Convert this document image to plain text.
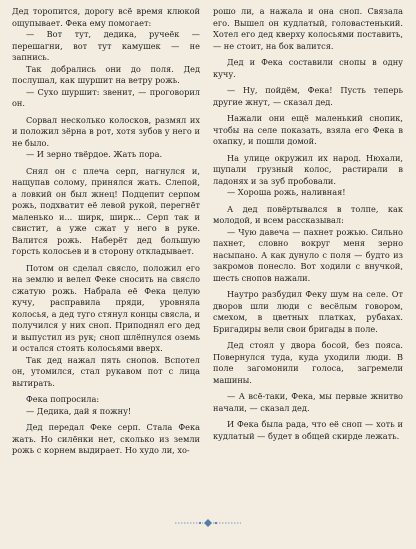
Дед торопится, дорогу всё время клюкой ощупывает. Фека ему помогает:

— Вот тут, дедика, ручеёк — перешагни, вот тут камушек — не запнись.

Так добрались они до поля. Дед послушал, как шуршит на ветру рожь.

— Сухо шуршит: звенит, — проговорил он.

Сорвал несколько колосков, размял их и положил зёрна в рот, хотя зубов у него и не было.

— И зерно твёрдое. Жать пора.

Снял он с плеча серп, нагнулся и, нащупав солому, принялся жать. Слепой, а ловкий он был жнец! Подцепит серпом рожь, подхватит её левой рукой, перегнёт маленько и... ширк, ширк... Серп так и свистит, а уже сжат у него в руке. Валится рожь. Наберёт дед большую горсть колосьев и в сторону откладывает.

Потом он сделал свясло, положил его на землю и велел Феке сносить на свясло сжатую рожь. Набрала её Фека целую кучу, расправила пряди, уровняла колосья, а дед туго стянул концы свясла, и получился у них сноп. Приподнял его дед и выпустил из рук; сноп шлёпнулся оземь и остался стоять колосьями вверх.

Так дед нажал пять снопов. Вспотел он, утомился, стал рукавом пот с лица вытирать.

Фека попросила:

— Дедика, дай я пожну!

Дед передал Феке серп. Стала Фека жать. Но силёнки нет, сколько из земли рожь с корнем выдирает. Но худо ли, хо-

рошо ли, а нажала и она сноп. Связала его. Вышел он кудлатый, головастенький. Хотел его дед кверху колосьями поставить,— не стоит, на бок валится.

Дед и Фека составили снопы в одну кучу.

— Ну, пойдём, Фека! Пусть теперь другие жнут, — сказал дед.

Нажали они ещё маленький снопик, чтобы на селе показать, взяла его Фека в охапку, и пошли домой.

На улице окружил их народ. Нюхали, щупали грузный колос, растирали в ладонях и за зуб пробовали.

— Хороша рожь, наливная!

А дед повёртывался в толпе, как молодой, и всем рассказывал:

— Чую давеча — пахнет рожью. Сильно пахнет, словно вокруг меня зерно насыпано. А как дунуло с поля — будто из закромов понесло. Вот ходили с внучкой, шесть снопов нажали.

Наутро разбудил Феку шум на селе. От дворов шли люди с весёлым говором, смехом, в цветных платках, рубахах. Бригадиры вели свои бригады в поле.

Дед стоял у двора босой, без пояса. Повернулся туда, куда уходили люди. В поле загомонили голоса, загремели машины.

— А всё-таки, Фека, мы первые жнитво начали, — сказал дед.

И Фека была рада, что её сноп — хоть и кудлатый — будет в общей скирде лежать.
